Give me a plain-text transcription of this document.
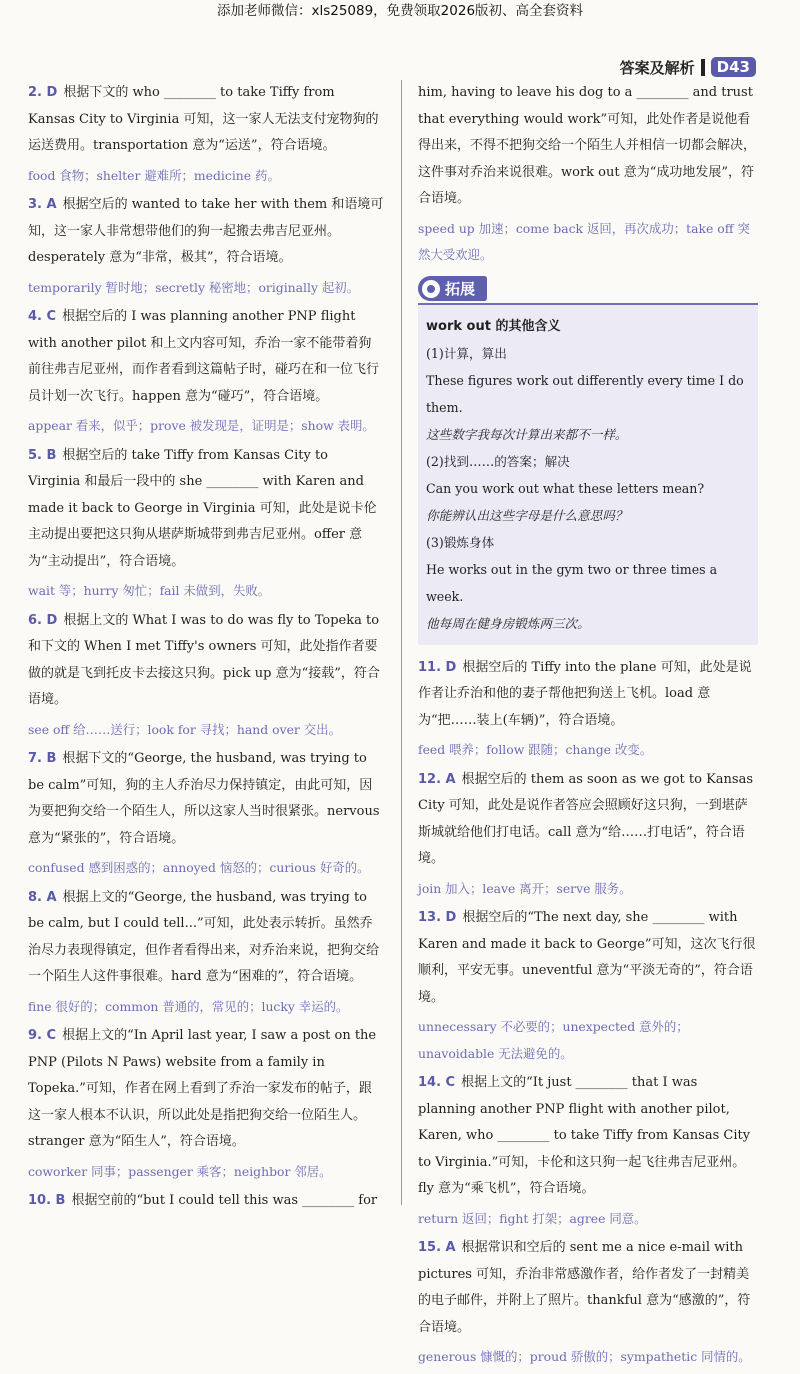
添加老师微信：xls25089，免费领取2026版初、高全套资料
答案及解析	D43
2. D 根据下文的 who ________ to take Tiffy from Kansas City to Virginia 可知，这一家人无法支付宠物狗的运送费用。transportation 意为“运送”，符合语境。
food 食物；shelter 避难所；medicine 药。
3. A 根据空后的 wanted to take her with them 和语境可知，这一家人非常想带他们的狗一起搬去弗吉尼亚州。desperately 意为“非常，极其”，符合语境。
temporarily 暂时地；secretly 秘密地；originally 起初。
4. C 根据空后的 I was planning another PNP flight with another pilot 和上文内容可知，乔治一家不能带着狗前往弗吉尼亚州，而作者看到这篇帖子时，碰巧在和一位飞行员计划一次飞行。happen 意为“碰巧”，符合语境。
appear 看来，似乎；prove 被发现是，证明是；show 表明。
5. B 根据空后的 take Tiffy from Kansas City to Virginia 和最后一段中的 she ________ with Karen and made it back to George in Virginia 可知，此处是说卡伦主动提出要把这只狗从堪萨斯城带到弗吉尼亚州。offer 意为“主动提出”，符合语境。
wait 等；hurry 匆忙；fail 未做到，失败。
6. D 根据上文的 What I was to do was fly to Topeka to 和下文的 When I met Tiffy's owners 可知，此处指作者要做的就是飞到托皮卡去接这只狗。pick up 意为“接载”，符合语境。
see off 给……送行；look for 寻找；hand over 交出。
7. B 根据下文的“George, the husband, was trying to be calm”可知，狗的主人乔治尽力保持镇定，由此可知，因为要把狗交给一个陌生人，所以这家人当时很紧张。nervous 意为“紧张的”，符合语境。
confused 感到困惑的；annoyed 恼怒的；curious 好奇的。
8. A 根据上文的“George, the husband, was trying to be calm, but I could tell...”可知，此处表示转折。虽然乔治尽力表现得镇定，但作者看得出来，对乔治来说，把狗交给一个陌生人这件事很难。hard 意为“困难的”，符合语境。
fine 很好的；common 普通的，常见的；lucky 幸运的。
9. C 根据上文的“In April last year, I saw a post on the PNP (Pilots N Paws) website from a family in Topeka.”可知，作者在网上看到了乔治一家发布的帖子，跟这一家人根本不认识，所以此处是指把狗交给一位陌生人。stranger 意为“陌生人”，符合语境。
coworker 同事；passenger 乘客；neighbor 邻居。
10. B 根据空前的“but I could tell this was ________ for
him, having to leave his dog to a ________ and trust that everything would work”可知，此处作者是说他看得出来，不得不把狗交给一个陌生人并相信一切都会解决，这件事对乔治来说很难。work out 意为“成功地发展”，符合语境。
speed up 加速；come back 返回，再次成功；take off 突然大受欢迎。
拓展
work out 的其他含义
(1)计算，算出
These figures work out differently every time I do them.
这些数字我每次计算出来都不一样。
(2)找到……的答案；解决
Can you work out what these letters mean?
你能辨认出这些字母是什么意思吗？
(3)锻炼身体
He works out in the gym two or three times a week.
他每周在健身房锻炼两三次。
11. D 根据空后的 Tiffy into the plane 可知，此处是说作者让乔治和他的妻子帮他把狗送上飞机。load 意为“把……装上(车辆)”，符合语境。
feed 喂养；follow 跟随；change 改变。
12. A 根据空后的 them as soon as we got to Kansas City 可知，此处是说作者答应会照顾好这只狗，一到堪萨斯城就给他们打电话。call 意为“给……打电话”，符合语境。
join 加入；leave 离开；serve 服务。
13. D 根据空后的“The next day, she ________ with Karen and made it back to George”可知，这次飞行很顺利，平安无事。uneventful 意为“平淡无奇的”，符合语境。
unnecessary 不必要的；unexpected 意外的；unavoidable 无法避免的。
14. C 根据上文的“It just ________ that I was planning another PNP flight with another pilot, Karen, who ________ to take Tiffy from Kansas City to Virginia.”可知，卡伦和这只狗一起飞往弗吉尼亚州。fly 意为“乘飞机”，符合语境。
return 返回；fight 打架；agree 同意。
15. A 根据常识和空后的 sent me a nice e-mail with pictures 可知，乔治非常感激作者，给作者发了一封精美的电子邮件，并附上了照片。thankful 意为“感激的”，符合语境。
generous 慷慨的；proud 骄傲的；sympathetic 同情的。
